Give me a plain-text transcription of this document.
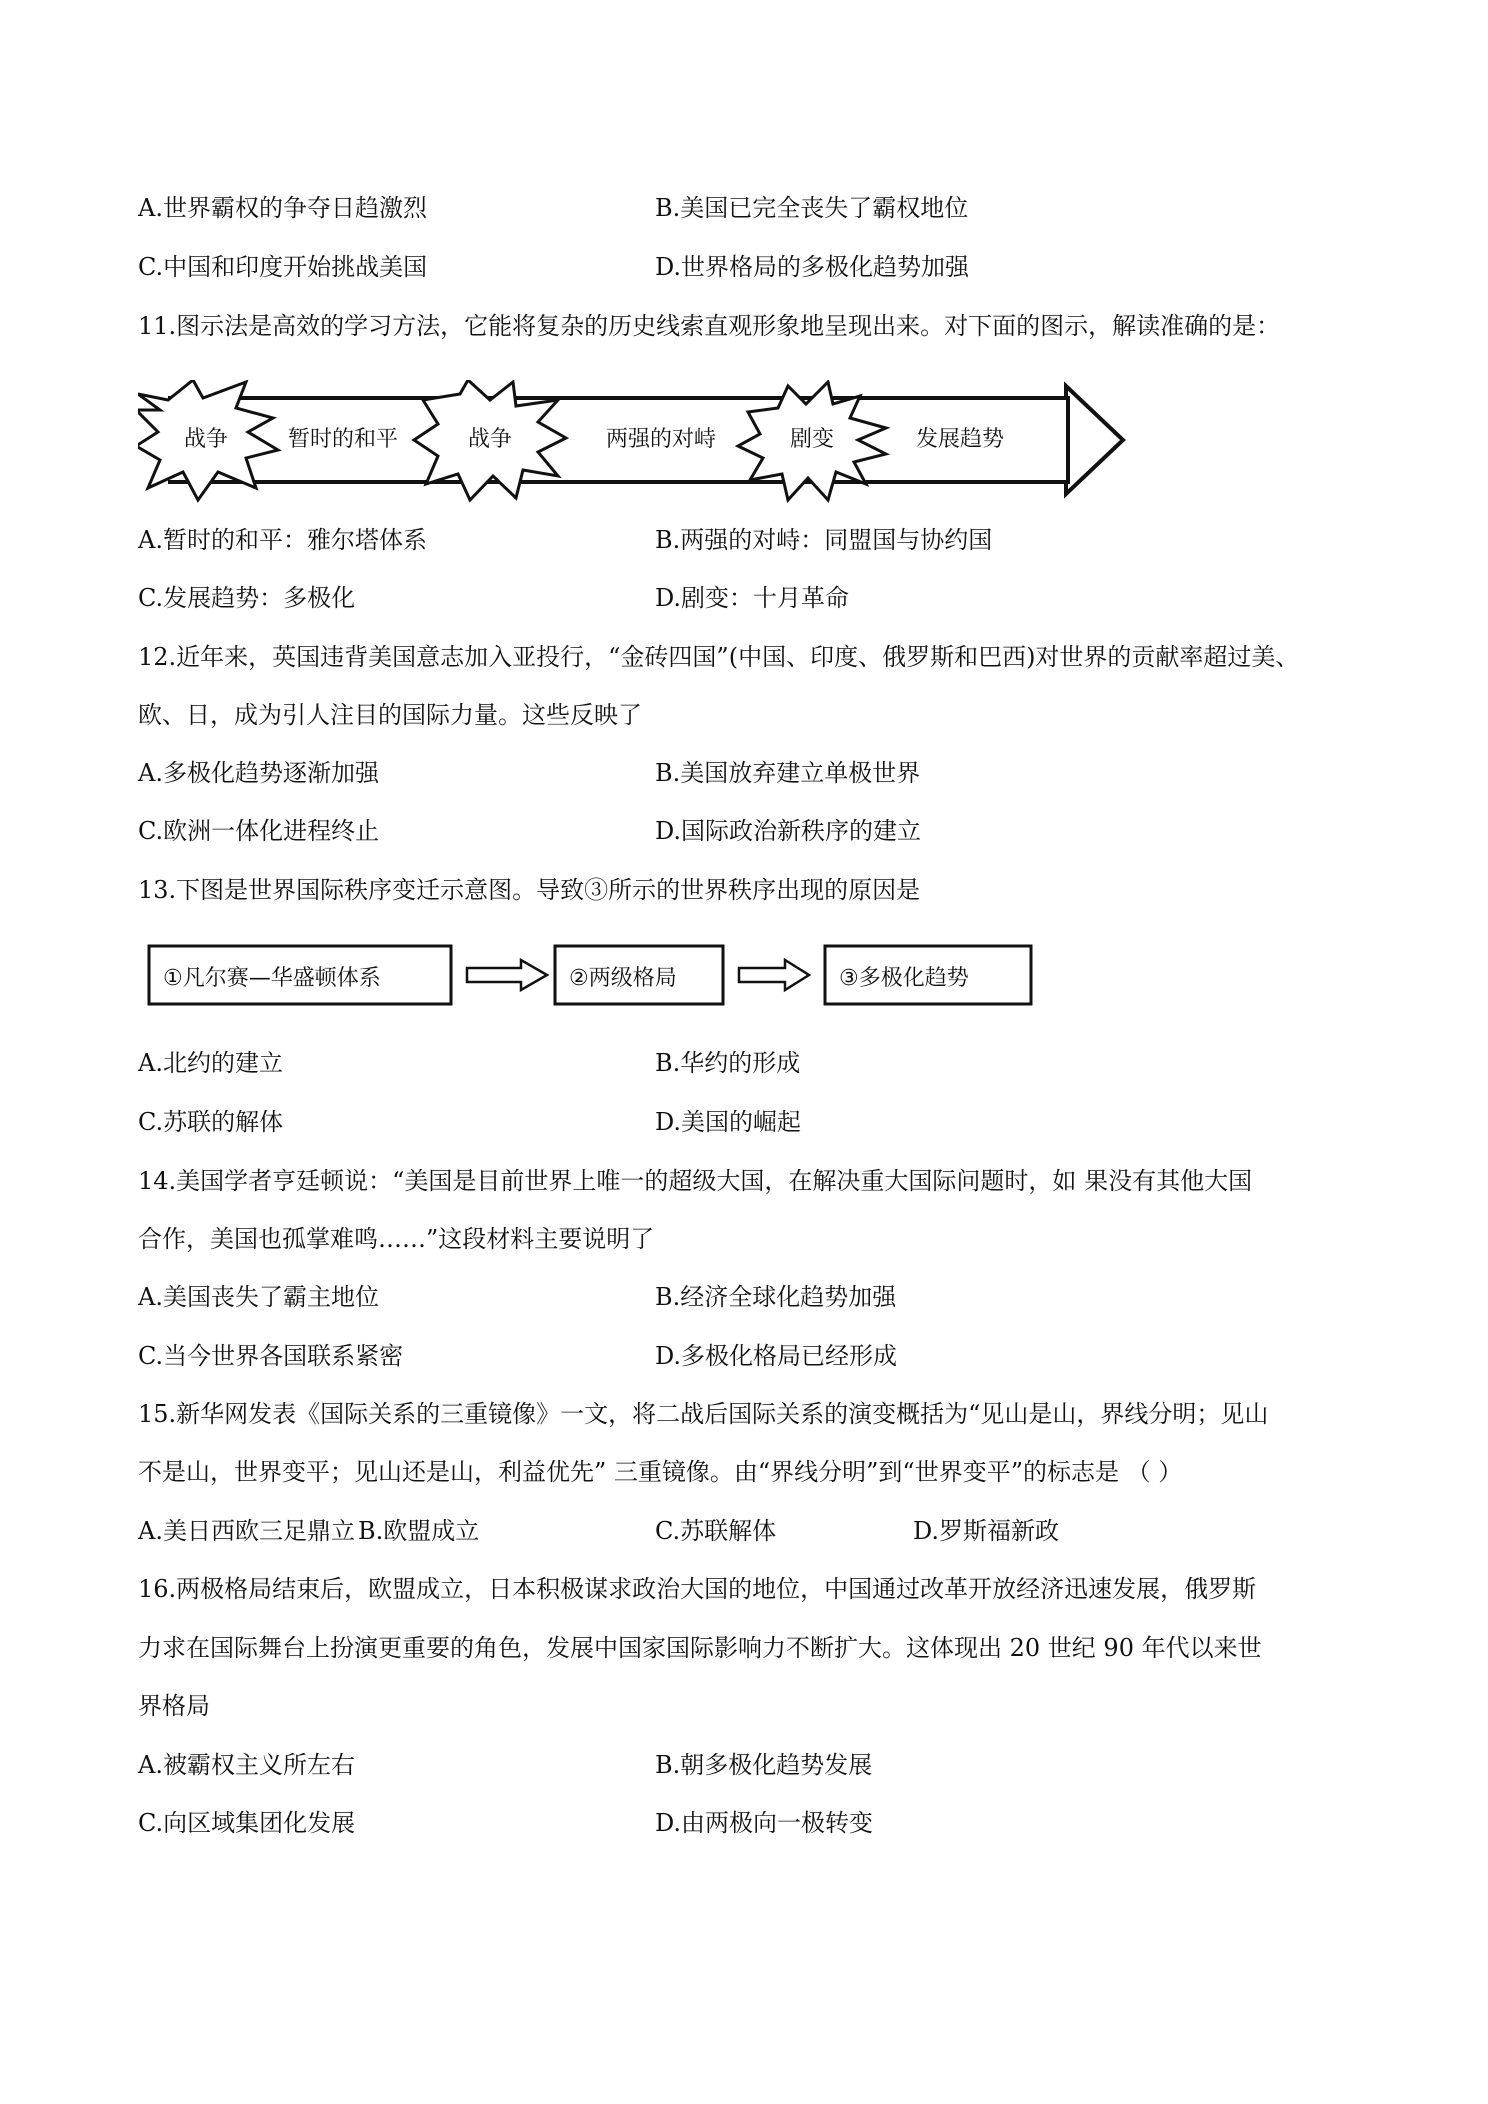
A.世界霸权的争夺日趋激烈	B.美国已完全丧失了霸权地位
C.中国和印度开始挑战美国	D.世界格局的多极化趋势加强
11.图示法是高效的学习方法，它能将复杂的历史线索直观形象地呈现出来。对下面的图示，解读准确的是：
战争	暂时的和平	战争	两强的对峙	剧变	发展趋势
A.暂时的和平：雅尔塔体系	B.两强的对峙：同盟国与协约国
C.发展趋势：多极化	D.剧变：十月革命
12.近年来，英国违背美国意志加入亚投行，“金砖四国”(中国、印度、俄罗斯和巴西)对世界的贡献率超过美、
欧、日，成为引人注目的国际力量。这些反映了
A.多极化趋势逐渐加强	B.美国放弃建立单极世界
C.欧洲一体化进程终止	D.国际政治新秩序的建立
13.下图是世界国际秩序变迁示意图。导致③所示的世界秩序出现的原因是
①凡尔赛—华盛顿体系	②两级格局	③多极化趋势
A.北约的建立	B.华约的形成
C.苏联的解体	D.美国的崛起
14.美国学者亨廷顿说：“美国是目前世界上唯一的超级大国，在解决重大国际问题时，如 果没有其他大国
合作，美国也孤掌难鸣……”这段材料主要说明了
A.美国丧失了霸主地位	B.经济全球化趋势加强
C.当今世界各国联系紧密	D.多极化格局已经形成
15.新华网发表《国际关系的三重镜像》一文，将二战后国际关系的演变概括为“见山是山，界线分明；见山
不是山，世界变平；见山还是山，利益优先” 三重镜像。由“界线分明”到“世界变平”的标志是 （ ）
A.美日西欧三足鼎立 B.欧盟成立	C.苏联解体	D.罗斯福新政
16.两极格局结束后，欧盟成立，日本积极谋求政治大国的地位，中国通过改革开放经济迅速发展，俄罗斯
力求在国际舞台上扮演更重要的角色，发展中国家国际影响力不断扩大。这体现出 20 世纪 90 年代以来世
界格局
A.被霸权主义所左右	B.朝多极化趋势发展
C.向区域集团化发展	D.由两极向一极转变
